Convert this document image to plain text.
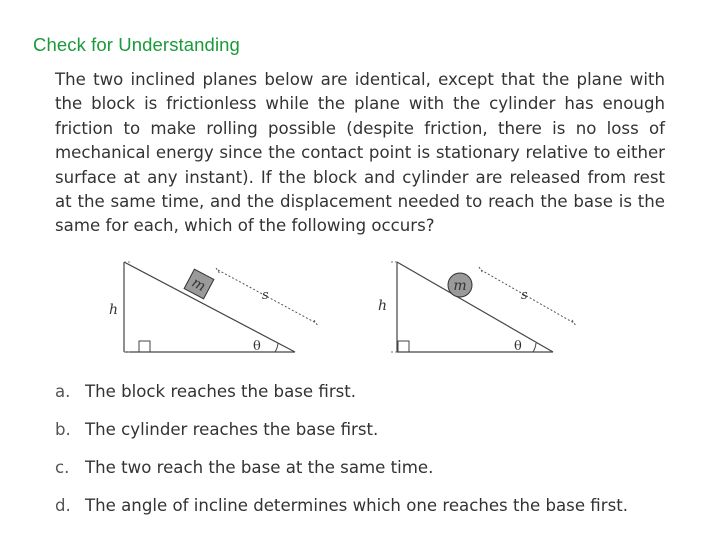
Check for Understanding

The two inclined planes below are identical, except that the plane with the block is frictionless while the plane with the cylinder has enough friction to make rolling possible (despite friction, there is no loss of mechanical energy since the contact point is stationary relative to either surface at any instant). If the block and cylinder are released from rest at the same time, and the displacement needed to reach the base is the same for each, which of the following occurs?

m
s
h
θ
m
s
h
θ
a. The block reaches the base first.
b. The cylinder reaches the base first.
c. The two reach the base at the same time.
d. The angle of incline determines which one reaches the base first.
